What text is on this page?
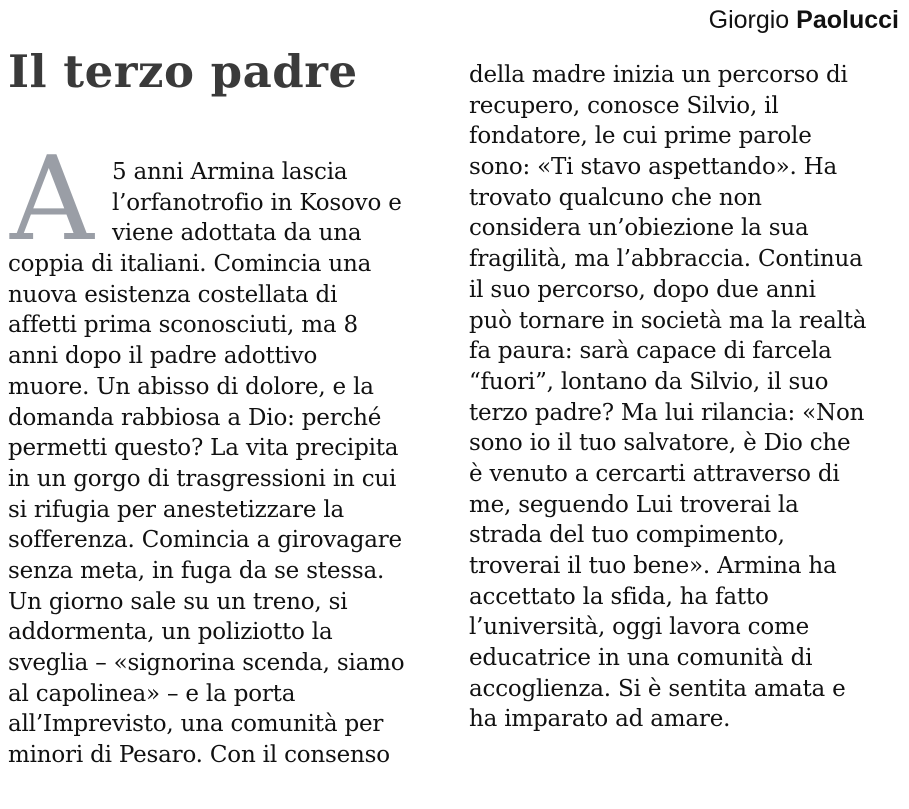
Giorgio Paolucci
Il terzo padre
A 5 anni Armina lascia
l’orfanotrofio in Kosovo e
viene adottata da una
coppia di italiani. Comincia una
nuova esistenza costellata di
affetti prima sconosciuti, ma 8
anni dopo il padre adottivo
muore. Un abisso di dolore, e la
domanda rabbiosa a Dio: perché
permetti questo? La vita precipita
in un gorgo di trasgressioni in cui
si rifugia per anestetizzare la
sofferenza. Comincia a girovagare
senza meta, in fuga da se stessa.
Un giorno sale su un treno, si
addormenta, un poliziotto la
sveglia – «signorina scenda, siamo
al capolinea» – e la porta
all’Imprevisto, una comunità per
minori di Pesaro. Con il consenso
della madre inizia un percorso di
recupero, conosce Silvio, il
fondatore, le cui prime parole
sono: «Ti stavo aspettando». Ha
trovato qualcuno che non
considera un’obiezione la sua
fragilità, ma l’abbraccia. Continua
il suo percorso, dopo due anni
può tornare in società ma la realtà
fa paura: sarà capace di farcela
“fuori”, lontano da Silvio, il suo
terzo padre? Ma lui rilancia: «Non
sono io il tuo salvatore, è Dio che
è venuto a cercarti attraverso di
me, seguendo Lui troverai la
strada del tuo compimento,
troverai il tuo bene». Armina ha
accettato la sfida, ha fatto
l’università, oggi lavora come
educatrice in una comunità di
accoglienza. Si è sentita amata e
ha imparato ad amare.
